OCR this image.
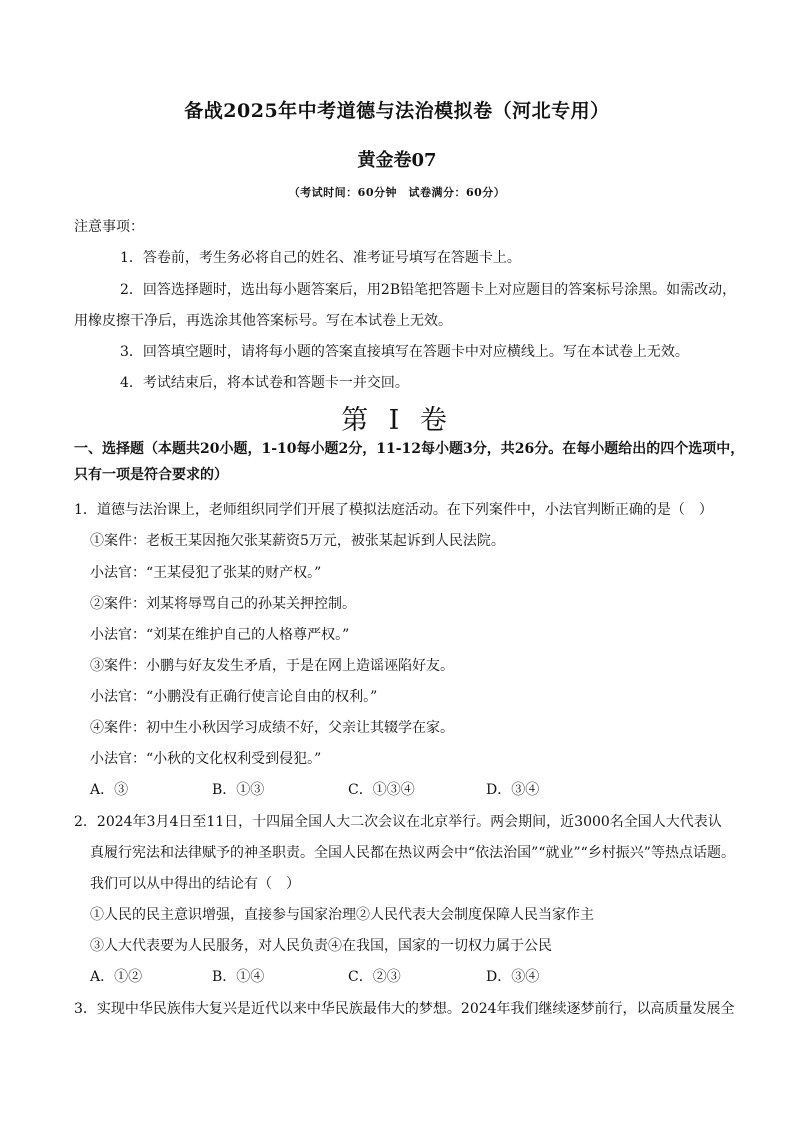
备战2025年中考道德与法治模拟卷（河北专用）
黄金卷07
（考试时间：60分钟　试卷满分：60分）
注意事项：
1．答卷前，考生务必将自己的姓名、准考证号填写在答题卡上。
2．回答选择题时，选出每小题答案后，用2B铅笔把答题卡上对应题目的答案标号涂黑。如需改动，
用橡皮擦干净后，再选涂其他答案标号。写在本试卷上无效。
3．回答填空题时，请将每小题的答案直接填写在答题卡中对应横线上。写在本试卷上无效。
4．考试结束后，将本试卷和答题卡一并交回。
第 I 卷
一、选择题（本题共20小题，1-10每小题2分，11-12每小题3分，共26分。在每小题给出的四个选项中，
只有一项是符合要求的）
1．道德与法治课上，老师组织同学们开展了模拟法庭活动。在下列案件中，小法官判断正确的是（　）
①案件：老板王某因拖欠张某薪资5万元，被张某起诉到人民法院。
小法官：“王某侵犯了张某的财产权。”
②案件：刘某将辱骂自己的孙某关押控制。
小法官：“刘某在维护自己的人格尊严权。”
③案件：小鹏与好友发生矛盾，于是在网上造谣诬陷好友。
小法官：“小鹏没有正确行使言论自由的权利。”
④案件：初中生小秋因学习成绩不好，父亲让其辍学在家。
小法官：“小秋的文化权利受到侵犯。”
A．③	B．①③	C．①③④	D．③④
2．2024年3月4日至11日，十四届全国人大二次会议在北京举行。两会期间，近3000名全国人大代表认
真履行宪法和法律赋予的神圣职责。全国人民都在热议两会中“依法治国”“就业”“乡村振兴”等热点话题。
我们可以从中得出的结论有（　）
①人民的民主意识增强，直接参与国家治理②人民代表大会制度保障人民当家作主
③人大代表要为人民服务，对人民负责④在我国，国家的一切权力属于公民
A．①②	B．①④	C．②③	D．③④
3．实现中华民族伟大复兴是近代以来中华民族最伟大的梦想。2024年我们继续逐梦前行，以高质量发展全
